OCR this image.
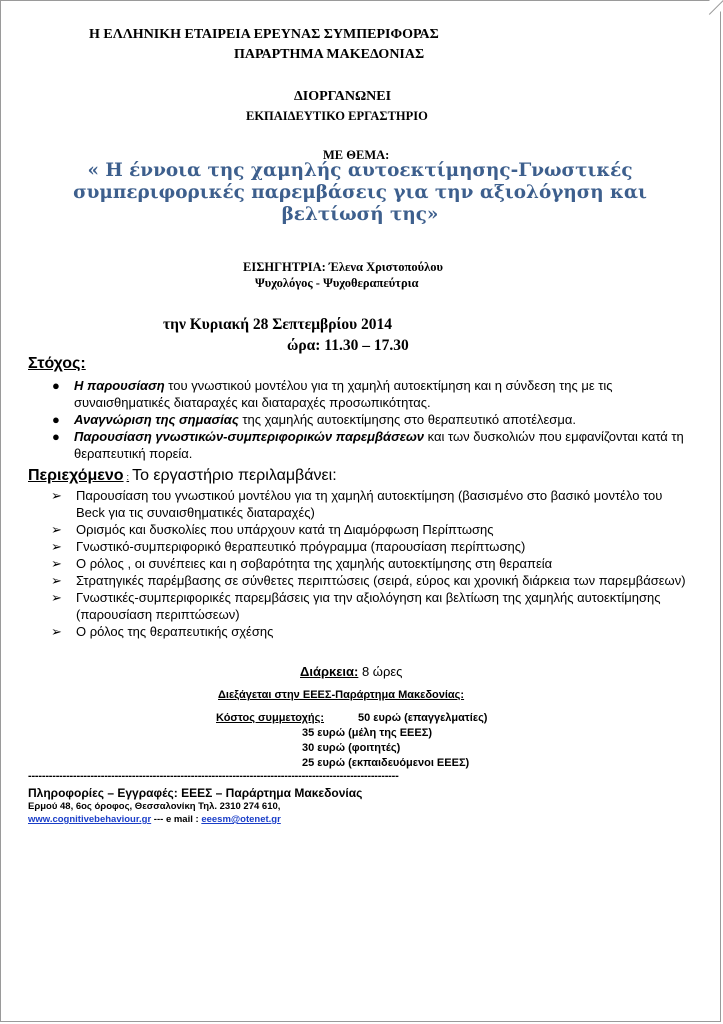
Η ΕΛΛΗΝΙΚΗ ΕΤΑΙΡΕΙΑ ΕΡΕΥΝΑΣ ΣΥΜΠΕΡΙΦΟΡΑΣ
ΠΑΡΑΡΤΗΜΑ ΜΑΚΕΔΟΝΙΑΣ
ΔΙΟΡΓΑΝΩΝΕΙ
ΕΚΠΑΙΔΕΥΤΙΚΟ ΕΡΓΑΣΤΗΡΙΟ
ΜΕ ΘΕΜΑ:
« Η έννοια της χαμηλής αυτοεκτίμησης-Γνωστικές
συμπεριφορικές παρεμβάσεις για την αξιολόγηση και
βελτίωσή της»
ΕΙΣΗΓΗΤΡΙΑ: Έλενα Χριστοπούλου
Ψυχολόγος - Ψυχοθεραπεύτρια
την Κυριακή 28 Σεπτεμβρίου 2014
ώρα: 11.30 – 17.30
Στόχος:
● Η παρουσίαση του γνωστικού μοντέλου για τη χαμηλή αυτοεκτίμηση και η σύνδεση της με τις συναισθηματικές διαταραχές και διαταραχές προσωπικότητας.
● Αναγνώριση της σημασίας της χαμηλής αυτοεκτίμησης στο θεραπευτικό αποτέλεσμα.
● Παρουσίαση γνωστικών-συμπεριφορικών παρεμβάσεων και των δυσκολιών που εμφανίζονται κατά τη θεραπευτική πορεία.
Περιεχόμενο : Το εργαστήριο περιλαμβάνει:
➢ Παρουσίαση του γνωστικού μοντέλου για τη χαμηλή αυτοεκτίμηση (βασισμένο στο βασικό μοντέλο του Beck για τις συναισθηματικές διαταραχές)
➢ Ορισμός και δυσκολίες που υπάρχουν κατά τη Διαμόρφωση Περίπτωσης
➢ Γνωστικό-συμπεριφορικό θεραπευτικό πρόγραμμα (παρουσίαση περίπτωσης)
➢ Ο ρόλος , οι συνέπειες και η σοβαρότητα της χαμηλής αυτοεκτίμησης στη θεραπεία
➢ Στρατηγικές παρέμβασης σε σύνθετες περιπτώσεις (σειρά, εύρος και χρονική διάρκεια των παρεμβάσεων)
➢ Γνωστικές-συμπεριφορικές παρεμβάσεις για την αξιολόγηση και βελτίωση της χαμηλής αυτοεκτίμησης (παρουσίαση περιπτώσεων)
➢ Ο ρόλος της θεραπευτικής σχέσης
Διάρκεια: 8 ώρες
Διεξάγεται στην ΕΕΕΣ-Παράρτημα Μακεδονίας:
Κόστος συμμετοχής:	50 ευρώ (επαγγελματίες)
35 ευρώ (μέλη της ΕΕΕΣ)
30 ευρώ (φοιτητές)
25 ευρώ (εκπαιδευόμενοι ΕΕΕΣ)
-----------------------------------------------------------------------------------------------------------
Πληροφορίες – Εγγραφές: ΕΕΕΣ – Παράρτημα Μακεδονίας
Ερμού 48, 6ος όροφος, Θεσσαλονίκη Τηλ. 2310 274 610,
www.cognitivebehaviour.gr --- e mail : eeesm@otenet.gr
